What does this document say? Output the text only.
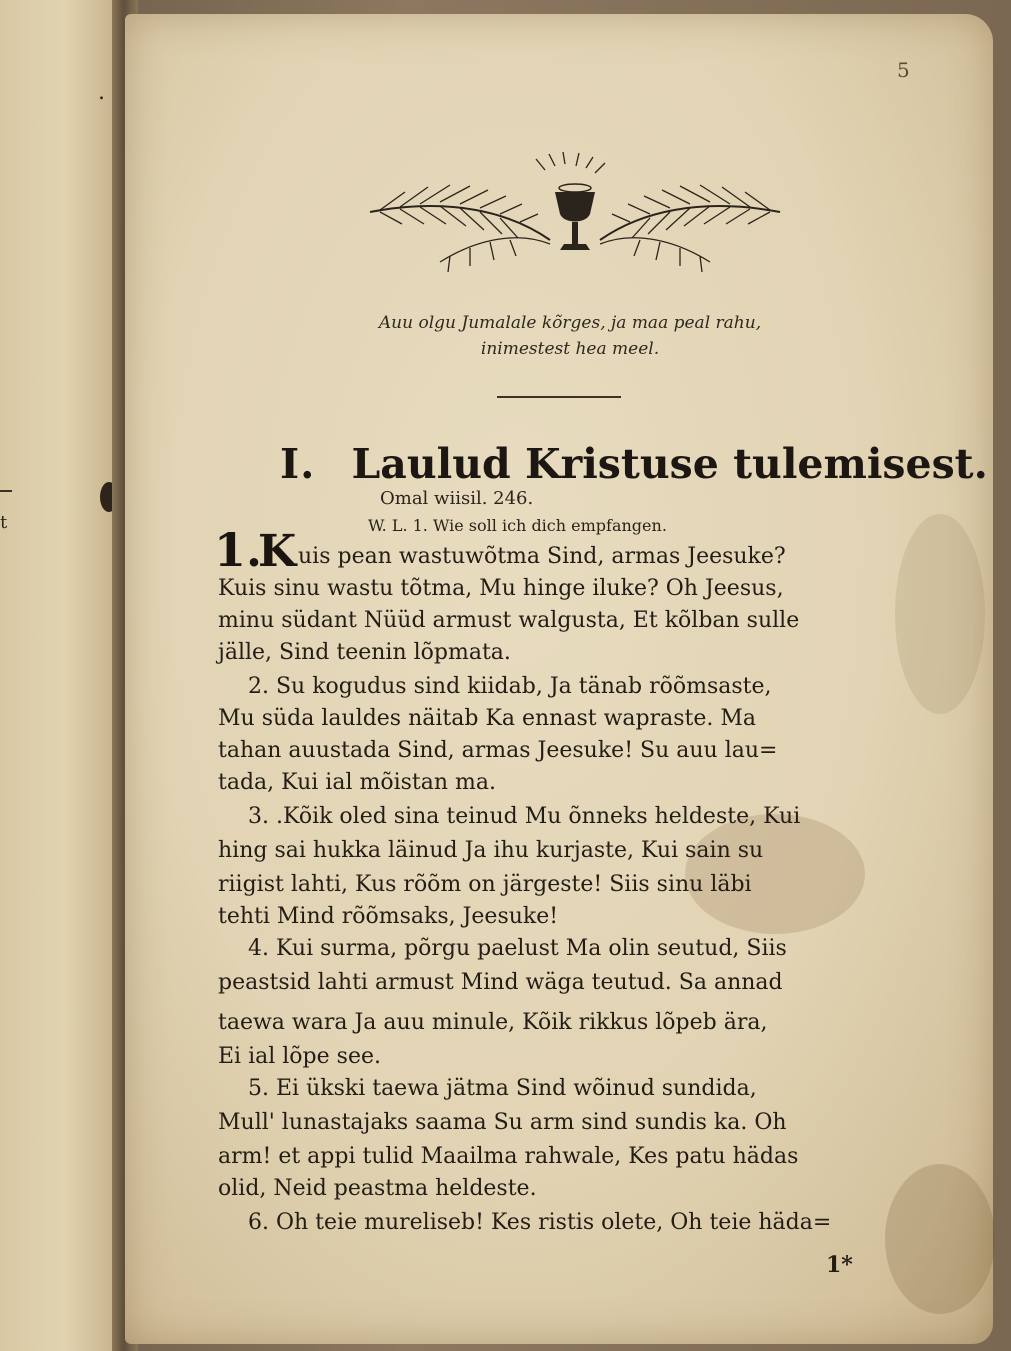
.
t
5
Auu olgu Jumalale kõrges, ja maa peal rahu,
inimestest hea meel.
I. Laulud Kristuse tulemisest.
Omal wiisil. 246.
W. L. 1. Wie soll ich dich empfangen.
1.
K uis pean wastuwõtma Sind, armas Jeesuke?
Kuis sinu wastu tõtma, Mu hinge iluke? Oh Jeesus,
minu südant Nüüd armust walgusta, Et kõlban sulle
jälle, Sind teenin lõpmata.
2. Su kogudus sind kiidab, Ja tänab rõõmsaste,
Mu süda lauldes näitab Ka ennast wapraste. Ma
tahan auustada Sind, armas Jeesuke! Su auu lau=
tada, Kui ial mõistan ma.
3. .Kõik oled sina teinud Mu õnneks heldeste, Kui
hing sai hukka läinud Ja ihu kurjaste, Kui sain su
riigist lahti, Kus rõõm on järgeste! Siis sinu läbi
tehti Mind rõõmsaks, Jeesuke!
4. Kui surma, põrgu paelust Ma olin seutud, Siis
peastsid lahti armust Mind wäga teutud. Sa annad
taewa wara Ja auu minule, Kõik rikkus lõpeb ära,
Ei ial lõpe see.
5. Ei ükski taewa jätma Sind wõinud sundida,
Mull' lunastajaks saama Su arm sind sundis ka. Oh
arm! et appi tulid Maailma rahwale, Kes patu hädas
olid, Neid peastma heldeste.
6. Oh teie mureliseb! Kes ristis olete, Oh teie häda=
1*
